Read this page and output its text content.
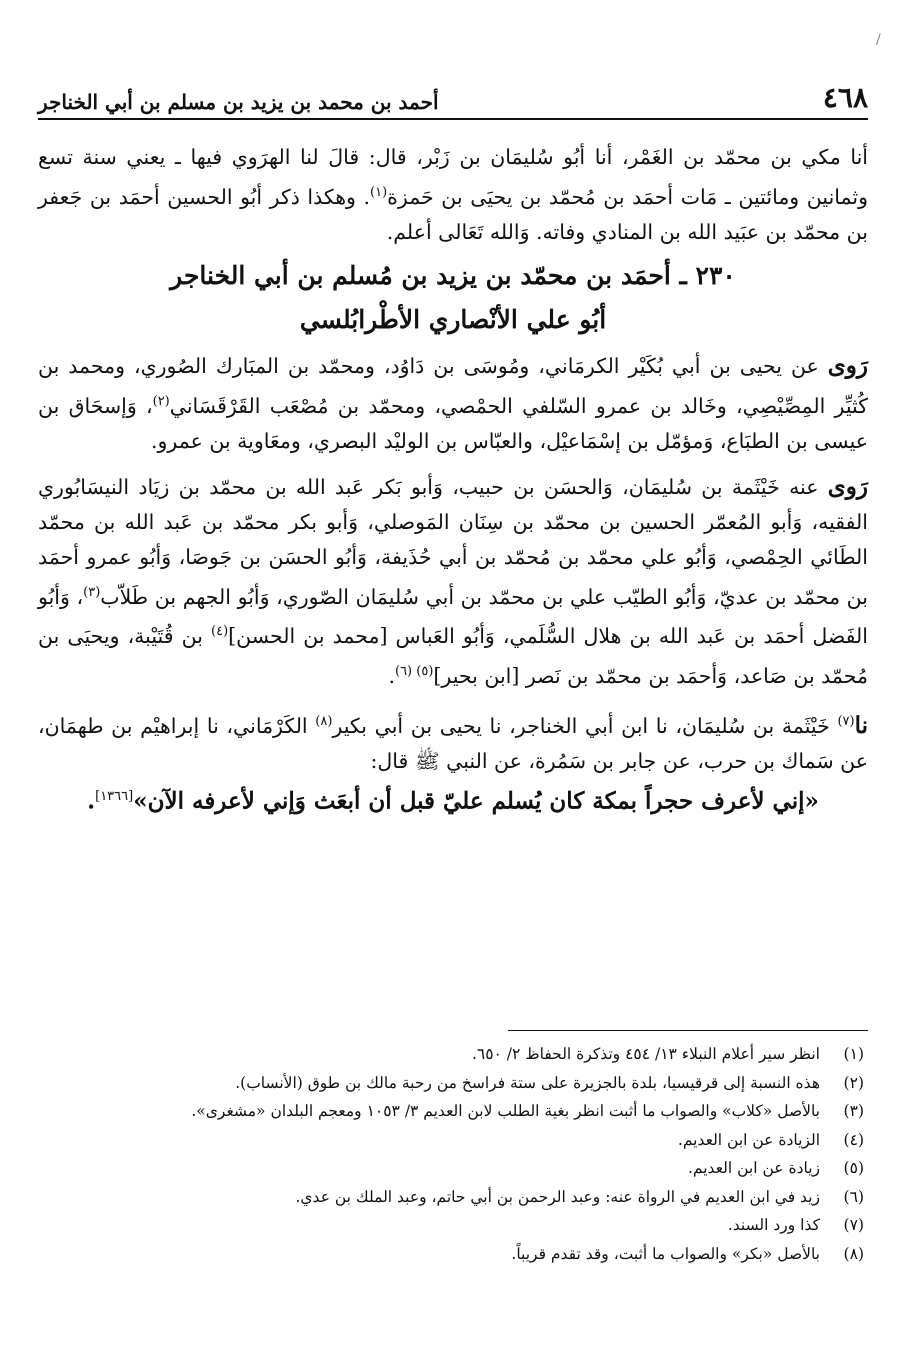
/
٤٦٨
أحمد بن محمد بن يزيد بن مسلم بن أبي الخناجر

أنا مكي بن محمّد بن الغَمْر، أنا أبُو سُليمَان بن زَبْر، قال: قالَ لنا الهرَوي فيها ـ يعني سنة تسع وثمانين ومائتين ـ مَات أحمَد بن مُحمّد بن يحيَى بن حَمزة$^{(١)}$. وهكذا ذكر أبُو الحسين أحمَد بن جَعفر بن محمّد بن عبَيد الله بن المنادي وفاته. وَالله تَعَالى أعلم.

٢٣٠ ـ أحمَد بن محمّد بن يزيد بن مُسلم بن أبي الخناجر
أبُو علي الأنْصاري الأطْرابُلسي

رَوى عن يحيى بن أبي بُكَيْر الكرمَاني، ومُوسَى بن دَاوُد، ومحمّد بن المبَارك الصُوري، ومحمد بن كُثيِّر المِصِّيْصِي، وخَالد بن عمرو السّلفي الحمْصي، ومحمّد بن مُصْعَب القَرْقَسَاني$^{(٢)}$، وَإسحَاق بن عيسى بن الطبَاع، وَمؤمّل بن إسْمَاعيْل، والعبّاس بن الوليْد البصري، ومعَاوية بن عمرو.

رَوى عنه خَيْثَمة بن سُليمَان، وَالحسَن بن حبيب، وَأبو بَكر عَبد الله بن محمّد بن زيَاد النيسَابُوري الفقيه، وَأبو المُعمّر الحسين بن محمّد بن سِنَان المَوصلي، وَأبو بكر محمّد بن عَبد الله بن محمّد الطَائي الحِمْصي، وَأبُو علي محمّد بن مُحمّد بن أبي حُذَيفة، وَأبُو الحسَن بن جَوصَا، وَأبُو عمرو أحمَد بن محمّد بن عديّ، وَأبُو الطيّب علي بن محمّد بن أبي سُليمَان الصّوري، وَأبُو الجهم بن طَلاّب$^{(٣)}$، وَأبُو الفَضل أحمَد بن عَبد الله بن هلال السُّلَمي، وَأبُو العَباس [محمد بن الحسن]$^{(٤)}$ بن قُتَيْبة، ويحيَى بن مُحمّد بن صَاعد، وَأحمَد بن محمّد بن نَصر [ابن بحير]$^{(٥) (٦)}$.

نا$^{(٧)}$ خَيْثَمة بن سُليمَان، نا ابن أبي الخناجر، نا يحيى بن أبي بكير$^{(٨)}$ الكَرْمَاني، نا إبراهيْم بن طهمَان، عن سَماك بن حرب، عن جابر بن سَمُرة، عن النبي ﷺ قال:

«إني لأعرف حجراً بمكة كان يُسلم عليّ قبل أن أبعَث وَإني لأعرفه الآن»[١٣٦٦].

(١)
انظر سير أعلام النبلاء ١٣/ ٤٥٤ وتذكرة الحفاظ ٢/ ٦٥٠.
(٢)
هذه النسبة إلى قرقيسيا، بلدة بالجزيرة على ستة فراسخ من رحبة مالك بن طوق (الأنساب).
(٣)
بالأصل «كلاب» والصواب ما أثبت انظر بغية الطلب لابن العديم ٣/ ١٠٥٣ ومعجم البلدان «مشغرى».
(٤)
الزيادة عن ابن العديم.
(٥)
زيادة عن ابن العديم.
(٦)
زيد في ابن العديم في الرواة عنه: وعبد الرحمن بن أبي حاتم، وعبد الملك بن عدي.
(٧)
كذا ورد السند.
(٨)
بالأصل «بكر» والصواب ما أثبت، وقد تقدم قريباً.
